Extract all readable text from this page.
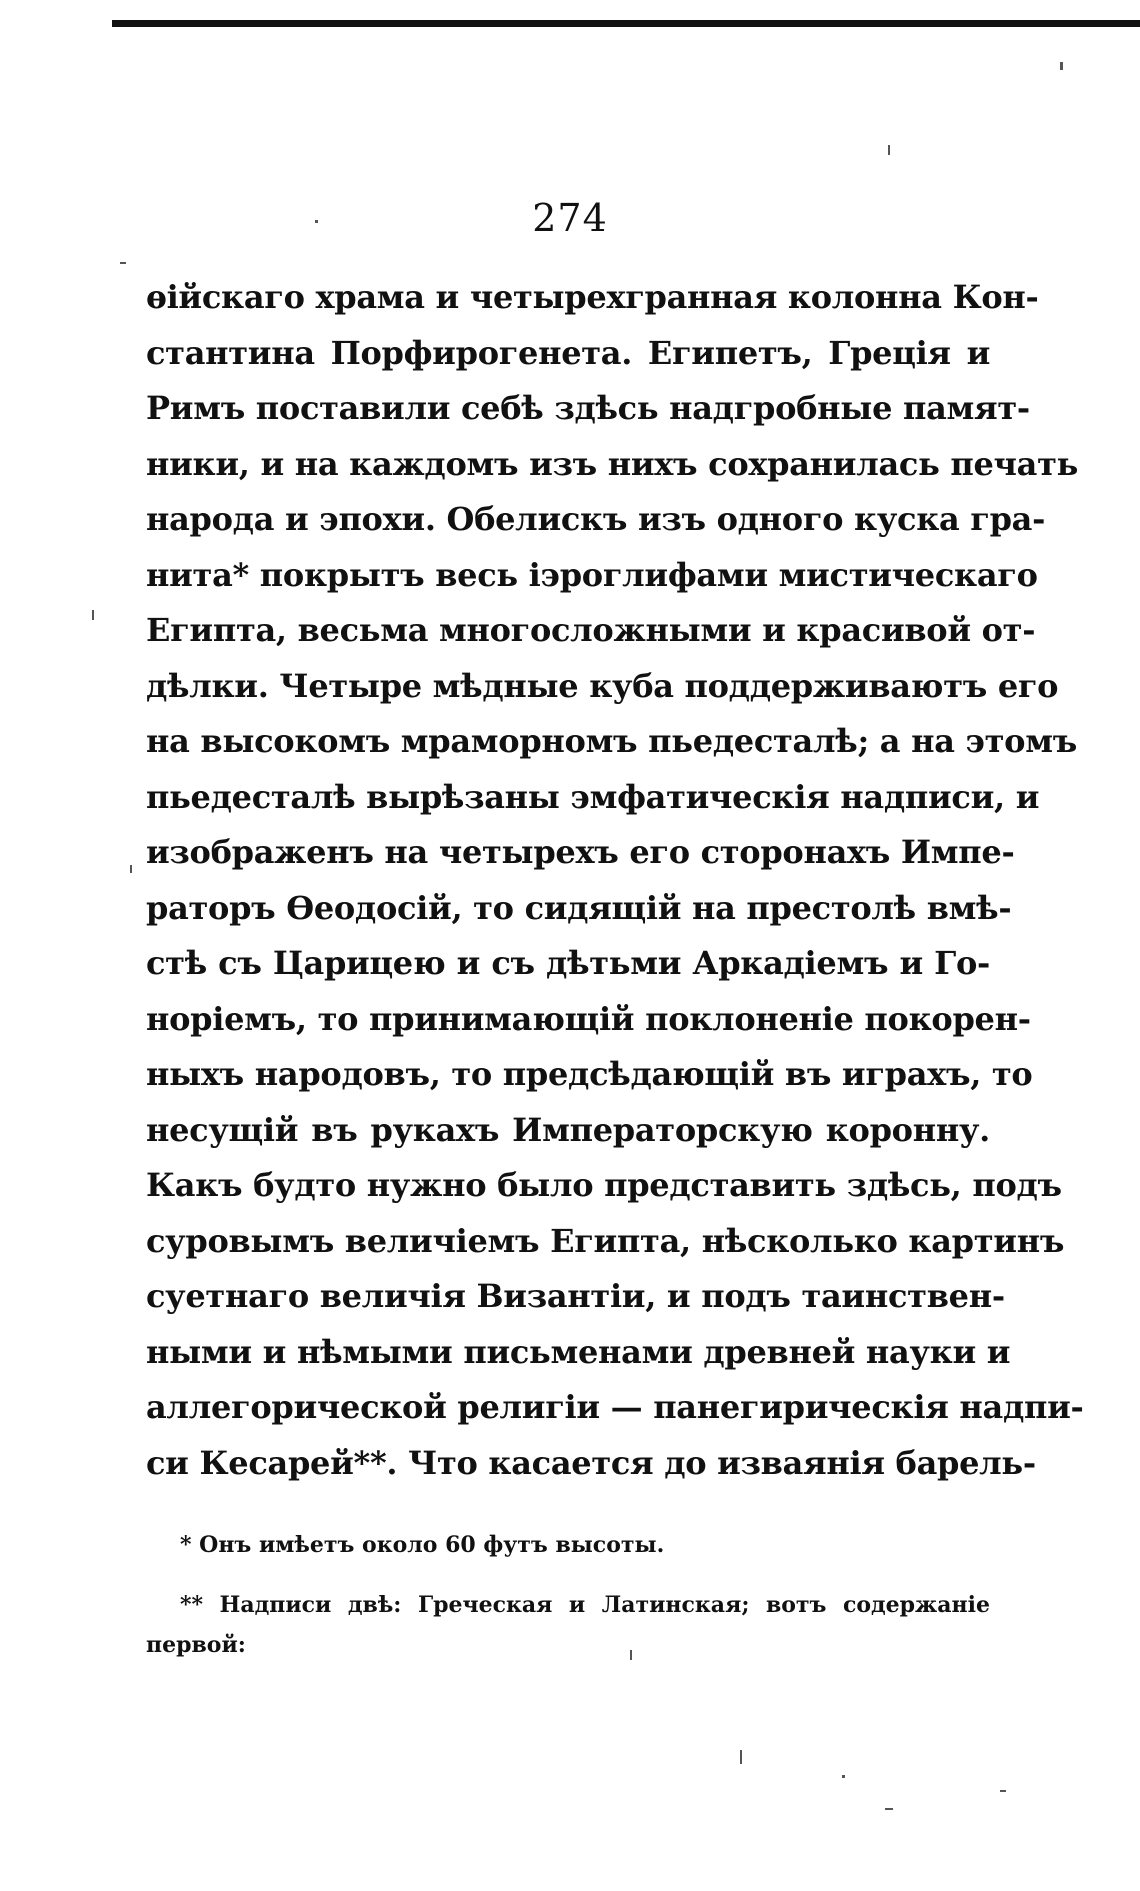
274
ѳійскаго храма и четырехгранная колонна Кон-
стантина Порфирогенета. Египетъ, Греція и
Римъ поставили себѣ здѣсь надгробные памят-
ники, и на каждомъ изъ нихъ сохранилась печать
народа и эпохи. Обелискъ изъ одного куска гра-
нита* покрытъ весь іэроглифами мистическаго
Египта, весьма многосложными и красивой от-
дѣлки. Четыре мѣдные куба поддерживаютъ его
на высокомъ мраморномъ пьедесталѣ; а на этомъ
пьедесталѣ вырѣзаны эмфатическія надписи, и
изображенъ на четырехъ его сторонахъ Импе-
раторъ Ѳеодосій, то сидящій на престолѣ вмѣ-
стѣ съ Царицею и съ дѣтьми Аркадіемъ и Го-
норіемъ, то принимающій поклоненіе покорен-
ныхъ народовъ, то предсѣдающій въ играхъ, то
несущій въ рукахъ Императорскую коронну.
Какъ будто нужно было представить здѣсь, подъ
суровымъ величіемъ Египта, нѣсколько картинъ
суетнаго величія Византіи, и подъ таинствен-
ными и нѣмыми письменами древней науки и
аллегорической религіи — панегирическія надпи-
си Кесарей**. Что касается до изваянія барель-
* Онъ имѣетъ около 60 футъ высоты.
** Надписи двѣ: Греческая и Латинская; вотъ содержаніе
первой:
